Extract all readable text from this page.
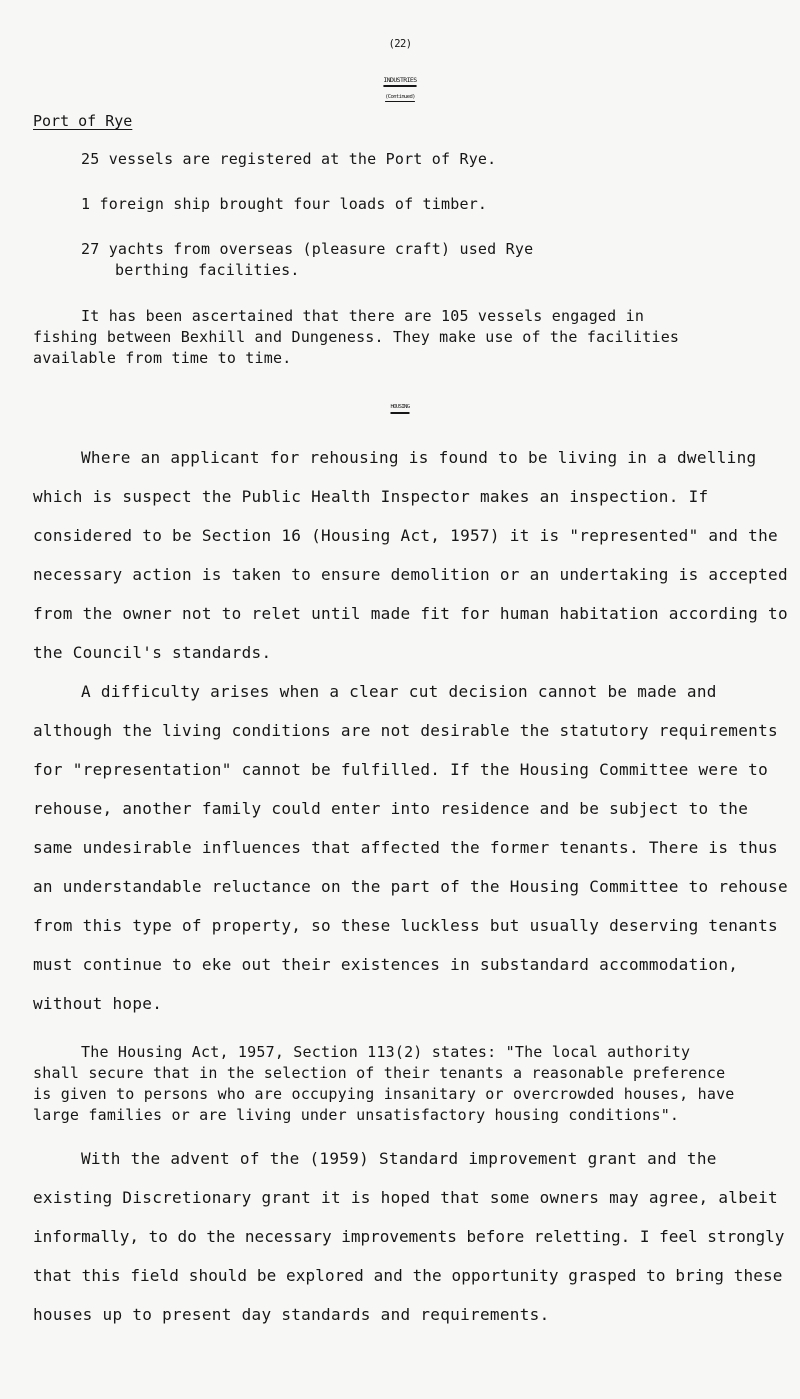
(22)
INDUSTRIES
(Continued)
Port of Rye
25 vessels are registered at the Port of Rye.
1 foreign ship brought four loads of timber.
27 yachts from overseas (pleasure craft) used Rye
berthing facilities.
It has been ascertained that there are 105 vessels engaged in
fishing between Bexhill and Dungeness. They make use of the facilities
available from time to time.
HOUSING
Where an applicant for rehousing is found to be living in a dwelling
which is suspect the Public Health Inspector makes an inspection. If
considered to be Section 16 (Housing Act, 1957) it is "represented" and the
necessary action is taken to ensure demolition or an undertaking is accepted
from the owner not to relet until made fit for human habitation according to
the Council's standards.
A difficulty arises when a clear cut decision cannot be made and
although the living conditions are not desirable the statutory requirements
for "representation" cannot be fulfilled. If the Housing Committee were to
rehouse, another family could enter into residence and be subject to the
same undesirable influences that affected the former tenants. There is thus
an understandable reluctance on the part of the Housing Committee to rehouse
from this type of property, so these luckless but usually deserving tenants
must continue to eke out their existences in substandard accommodation,
without hope.
The Housing Act, 1957, Section 113(2) states: "The local authority
shall secure that in the selection of their tenants a reasonable preference
is given to persons who are occupying insanitary or overcrowded houses, have
large families or are living under unsatisfactory housing conditions".
With the advent of the (1959) Standard improvement grant and the
existing Discretionary grant it is hoped that some owners may agree, albeit
informally, to do the necessary improvements before reletting. I feel strongly
that this field should be explored and the opportunity grasped to bring these
houses up to present day standards and requirements.
